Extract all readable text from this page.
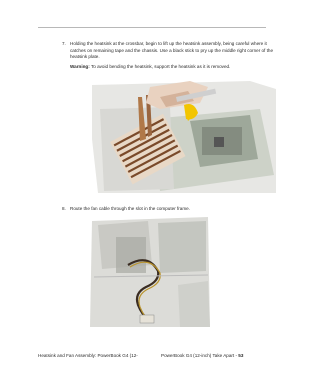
7. Holding the heatsink at the crossbar, begin to lift up the heatsink assembly, being careful where it catches on remaining tape and the chassis. Use a black stick to pry up the middle right corner of the heatsink plate.

Warning: To avoid bending the heatsink, support the heatsink as it is removed.

8. Route the fan cable through the slot in the computer frame.

Heatsink and Fan Assembly: PowerBook G4 (12-	PowerBook G4 (12-inch) Take Apart - 53
